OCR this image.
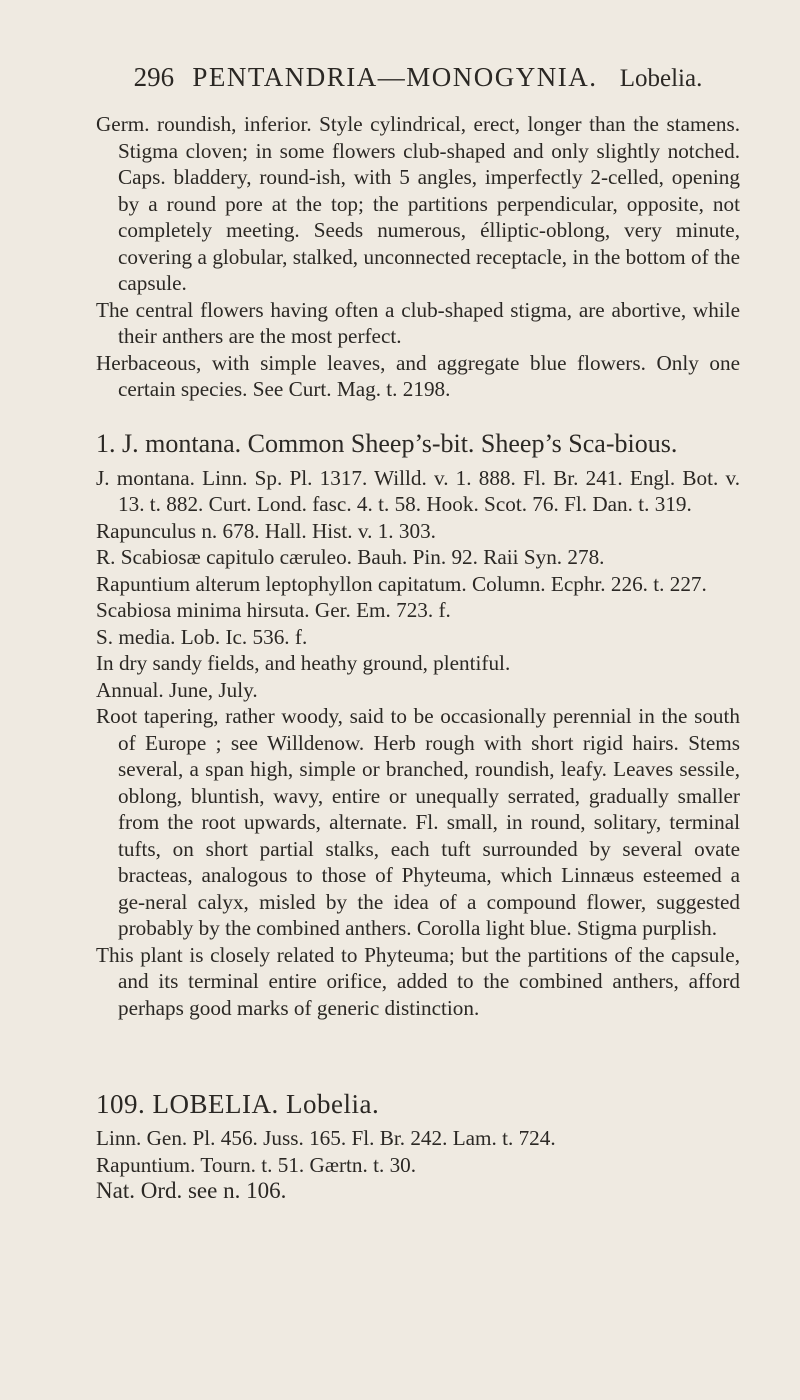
296 PENTANDRIA—MONOGYNIA. Lobelia.

Germ. roundish, inferior. Style cylindrical, erect, longer than the stamens. Stigma cloven; in some flowers club-shaped and only slightly notched. Caps. bladdery, round-ish, with 5 angles, imperfectly 2-celled, opening by a round pore at the top; the partitions perpendicular, opposite, not completely meeting. Seeds numerous, élliptic-oblong, very minute, covering a globular, stalked, unconnected receptacle, in the bottom of the capsule.

The central flowers having often a club-shaped stigma, are abortive, while their anthers are the most perfect.

Herbaceous, with simple leaves, and aggregate blue flowers. Only one certain species. See Curt. Mag. t. 2198.

1. J. montana. Common Sheep’s-bit. Sheep’s Sca-bious.

J. montana. Linn. Sp. Pl. 1317. Willd. v. 1. 888. Fl. Br. 241. Engl. Bot. v. 13. t. 882. Curt. Lond. fasc. 4. t. 58. Hook. Scot. 76. Fl. Dan. t. 319.

Rapunculus n. 678. Hall. Hist. v. 1. 303.

R. Scabiosæ capitulo cæruleo. Bauh. Pin. 92. Raii Syn. 278.

Rapuntium alterum leptophyllon capitatum. Column. Ecphr. 226. t. 227.

Scabiosa minima hirsuta. Ger. Em. 723. f.

S. media. Lob. Ic. 536. f.

In dry sandy fields, and heathy ground, plentiful.

Annual. June, July.

Root tapering, rather woody, said to be occasionally perennial in the south of Europe ; see Willdenow. Herb rough with short rigid hairs. Stems several, a span high, simple or branched, roundish, leafy. Leaves sessile, oblong, bluntish, wavy, entire or unequally serrated, gradually smaller from the root upwards, alternate. Fl. small, in round, solitary, terminal tufts, on short partial stalks, each tuft surrounded by several ovate bracteas, analogous to those of Phyteuma, which Linnæus esteemed a ge-neral calyx, misled by the idea of a compound flower, suggested probably by the combined anthers. Corolla light blue. Stigma purplish.

This plant is closely related to Phyteuma; but the partitions of the capsule, and its terminal entire orifice, added to the combined anthers, afford perhaps good marks of generic distinction.

109. LOBELIA. Lobelia.

Linn. Gen. Pl. 456. Juss. 165. Fl. Br. 242. Lam. t. 724.

Rapuntium. Tourn. t. 51. Gærtn. t. 30.

Nat. Ord. see n. 106.
